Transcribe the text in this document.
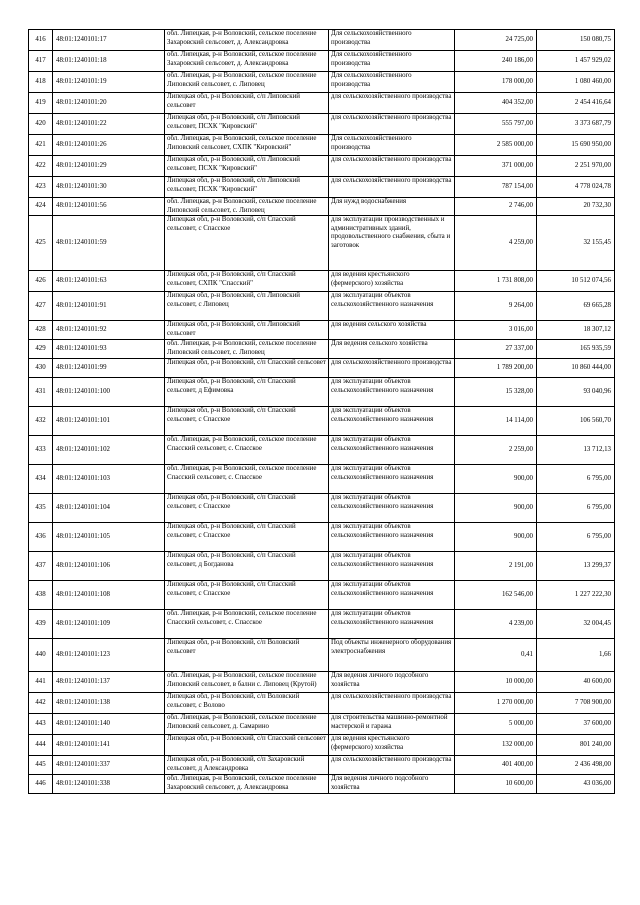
416	48:01:1240101:17	обл. Липецкая, р-н Воловский, сельское поселение Захаровский сельсовет, д. Александровка	Для сельскохозяйственного производства	24 725,00	150 080,75
417	48:01:1240101:18	обл. Липецкая, р-н Воловский, сельское поселение Захаровский сельсовет, д. Александровка	Для сельскохозяйственного производства	240 186,00	1 457 929,02
418	48:01:1240101:19	обл. Липецкая, р-н Воловский, сельское поселение Липовский сельсовет, с. Липовец	Для сельскохозяйственного производства	178 000,00	1 080 460,00
419	48:01:1240101:20	Липецкая обл, р-н Воловский, с/п Липовский сельсовет	для сельскохозяйственного производства	404 352,00	2 454 416,64
420	48:01:1240101:22	Липецкая обл, р-н Воловский, с/п Липовский сельсовет, ПСХК "Кировский"	для сельскохозяйственного производства	555 797,00	3 373 687,79
421	48:01:1240101:26	обл. Липецкая, р-н Воловский, сельское поселение Липовский сельсовет, СХПК "Кировский"	Для сельскохозяйственного производства	2 585 000,00	15 690 950,00
422	48:01:1240101:29	Липецкая обл, р-н Воловский, с/п Липовский сельсовет, ПСХК "Кировский"	для сельскохозяйственного производства	371 000,00	2 251 970,00
423	48:01:1240101:30	Липецкая обл, р-н Воловский, с/п Липовский сельсовет, ПСХК "Кировский"	для сельскохозяйственного производства	787 154,00	4 778 024,78
424	48:01:1240101:56	обл. Липецкая, р-н Воловский, сельское поселение Липовский сельсовет, с. Липовец	Для нужд водоснабжения	2 746,00	20 732,30
425	48:01:1240101:59	Липецкая обл, р-н Воловский, с/п Спасский сельсовет, с Спасское	для эксплуатации производственных и административных зданий, продовольственного снабжения, сбыта и заготовок	4 259,00	32 155,45
426	48:01:1240101:63	Липецкая обл, р-н Воловский, с/п Спасский сельсовет, СХПК "Спасский"	для ведения крестьянского (фермерского) хозяйства	1 731 808,00	10 512 074,56
427	48:01:1240101:91	Липецкая обл, р-н Воловский, с/п Липовский сельсовет, с Липовец	для эксплуатации объектов сельскохозяйственного назначения	9 264,00	69 665,28
428	48:01:1240101:92	Липецкая обл, р-н Воловский, с/п Липовский сельсовет	для ведения сельского хозяйства	3 016,00	18 307,12
429	48:01:1240101:93	обл. Липецкая, р-н Воловский, сельское поселение Липовский сельсовет, с. Липовец	Для ведения сельского хозяйства	27 337,00	165 935,59
430	48:01:1240101:99	Липецкая обл, р-н Воловский, с/п Спасский сельсовет	для сельскохозяйственного производства	1 789 200,00	10 860 444,00
431	48:01:1240101:100	Липецкая обл, р-н Воловский, с/п Спасский сельсовет, д Ефимовка	для эксплуатации объектов сельскохозяйственного назначения	15 328,00	93 040,96
432	48:01:1240101:101	Липецкая обл, р-н Воловский, с/п Спасский сельсовет, с Спасское	для эксплуатации объектов сельскохозяйственного назначения	14 114,00	106 560,70
433	48:01:1240101:102	обл. Липецкая, р-н Воловский, сельское поселение Спасский сельсовет, с. Спасское	для эксплуатации объектов сельскохозяйственного назначения	2 259,00	13 712,13
434	48:01:1240101:103	обл. Липецкая, р-н Воловский, сельское поселение Спасский сельсовет, с. Спасское	для эксплуатации объектов сельскохозяйственного назначения	900,00	6 795,00
435	48:01:1240101:104	Липецкая обл, р-н Воловский, с/п Спасский сельсовет, с Спасское	для эксплуатации объектов сельскохозяйственного назначения	900,00	6 795,00
436	48:01:1240101:105	Липецкая обл, р-н Воловский, с/п Спасский сельсовет, с Спасское	для эксплуатации объектов сельскохозяйственного назначения	900,00	6 795,00
437	48:01:1240101:106	Липецкая обл, р-н Воловский, с/п Спасский сельсовет, д Богданова	для эксплуатации объектов сельскохозяйственного назначения	2 191,00	13 299,37
438	48:01:1240101:108	Липецкая обл, р-н Воловский, с/п Спасский сельсовет, с Спасское	для эксплуатации объектов сельскохозяйственного назначения	162 546,00	1 227 222,30
439	48:01:1240101:109	обл. Липецкая, р-н Воловский, сельское поселение Спасский сельсовет, с. Спасское	для эксплуатации объектов сельскохозяйственного назначения	4 239,00	32 004,45
440	48:01:1240101:123	Липецкая обл, р-н Воловский, с/п Воловский сельсовет	Под объекты инженерного оборудования электроснабжения	0,41	1,66
441	48:01:1240101:137	обл. Липецкая, р-н Воловский, сельское поселение Липовский сельсовет, в бални с. Липовец (Крутой)	Для ведения личного подсобного хозяйства	10 000,00	40 600,00
442	48:01:1240101:138	Липецкая обл, р-н Воловский, с/п Воловский сельсовет, с Волово	для сельскохозяйственного производства	1 270 000,00	7 708 900,00
443	48:01:1240101:140	обл. Липецкая, р-н Воловский, сельское поселение Липовский сельсовет, д. Самарино	для строительства машинно-ремонтной мастерской и гаража	5 000,00	37 600,00
444	48:01:1240101:141	Липецкая обл, р-н Воловский, с/п Спасский сельсовет	для ведения крестьянского (фермерского) хозяйства	132 000,00	801 240,00
445	48:01:1240101:337	Липецкая обл, р-н Воловский, с/п Захаровский сельсовет, д Александровка	для сельскохозяйственного производства	401 400,00	2 436 498,00
446	48:01:1240101:338	обл. Липецкая, р-н Воловский, сельское поселение Захаровский сельсовет, д. Александровка	Для ведения личного подсобного хозяйства	10 600,00	43 036,00
